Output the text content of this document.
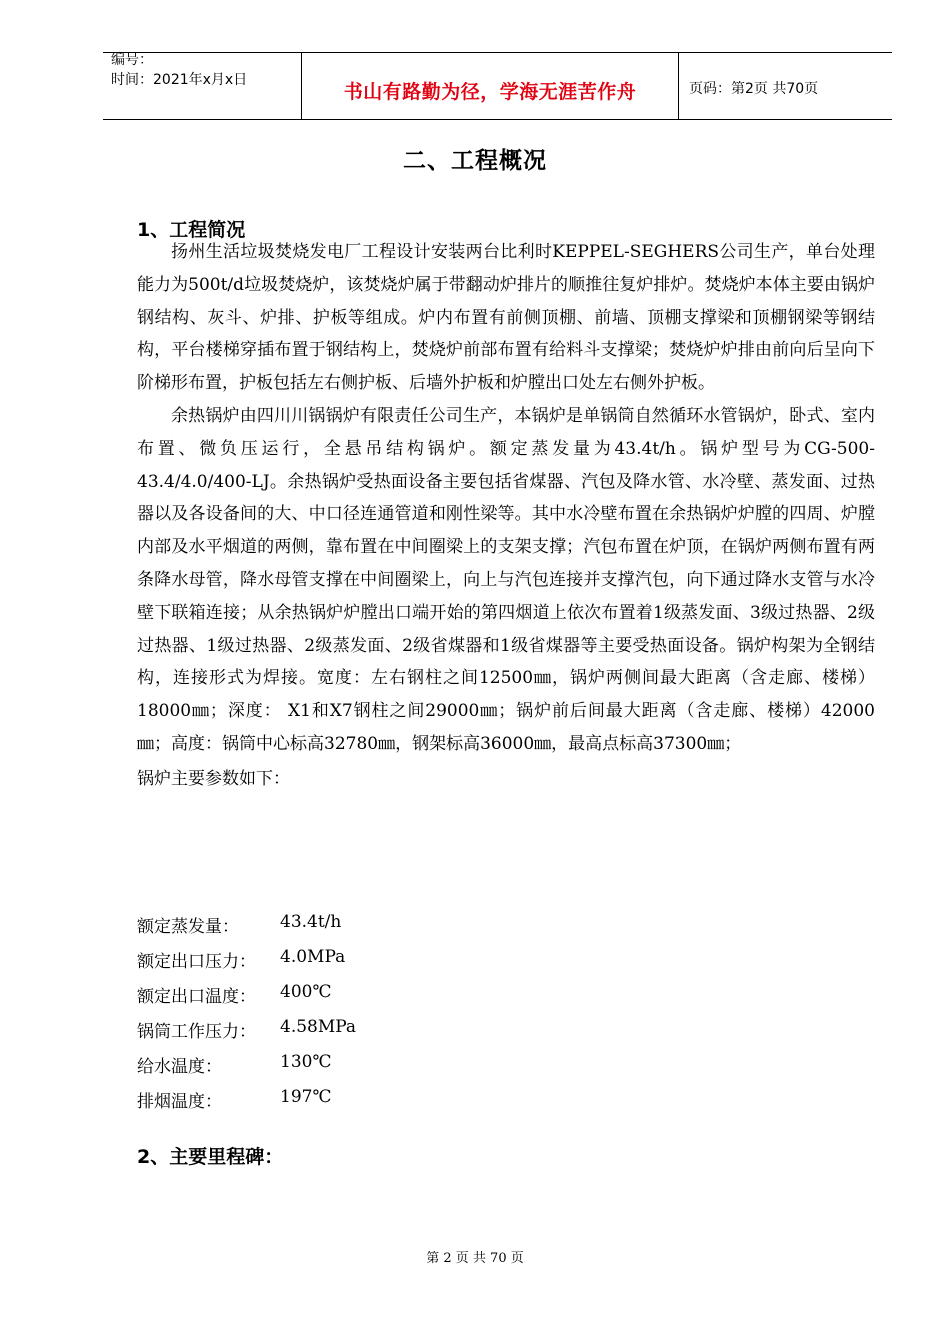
编号：
时间：2021年x月x日
书山有路勤为径，学海无涯苦作舟	页码：第2页 共70页
二、工程概况
1、工程简况

扬州生活垃圾焚烧发电厂工程设计安装两台比利时KEPPEL-SEGHERS公司生产，单台处理能力为500t/d垃圾焚烧炉，该焚烧炉属于带翻动炉排片的顺推往复炉排炉。焚烧炉本体主要由锅炉钢结构、灰斗、炉排、护板等组成。炉内布置有前侧顶棚、前墙、顶棚支撑梁和顶棚钢梁等钢结构，平台楼梯穿插布置于钢结构上，焚烧炉前部布置有给料斗支撑梁；焚烧炉炉排由前向后呈向下阶梯形布置，护板包括左右侧护板、后墙外护板和炉膛出口处左右侧外护板。

余热锅炉由四川川锅锅炉有限责任公司生产，本锅炉是单锅筒自然循环水管锅炉，卧式、室内布置、微负压运行，全悬吊结构锅炉。额定蒸发量为43.4t/h。锅炉型号为CG-500-43.4/4.0/400-LJ。余热锅炉受热面设备主要包括省煤器、汽包及降水管、水冷壁、蒸发面、过热器以及各设备间的大、中口径连通管道和刚性梁等。其中水冷壁布置在余热锅炉炉膛的四周、炉膛内部及水平烟道的两侧，靠布置在中间圈梁上的支架支撑；汽包布置在炉顶，在锅炉两侧布置有两条降水母管，降水母管支撑在中间圈梁上，向上与汽包连接并支撑汽包，向下通过降水支管与水冷壁下联箱连接；从余热锅炉炉膛出口端开始的第四烟道上依次布置着1级蒸发面、3级过热器、2级过热器、1级过热器、2级蒸发面、2级省煤器和1级省煤器等主要受热面设备。锅炉构架为全钢结构，连接形式为焊接。宽度：左右钢柱之间12500㎜，锅炉两侧间最大距离（含走廊、楼梯）18000㎜；深度： X1和X7钢柱之间29000㎜；锅炉前后间最大距离（含走廊、楼梯）42000㎜；高度：锅筒中心标高32780㎜，钢架标高36000㎜，最高点标高37300㎜；

锅炉主要参数如下：

额定蒸发量：	43.4t/h
额定出口压力：	4.0MPa
额定出口温度：	400℃
锅筒工作压力：	4.58MPa
给水温度：	130℃
排烟温度：	197℃
2、主要里程碑：
第 2 页 共 70 页
